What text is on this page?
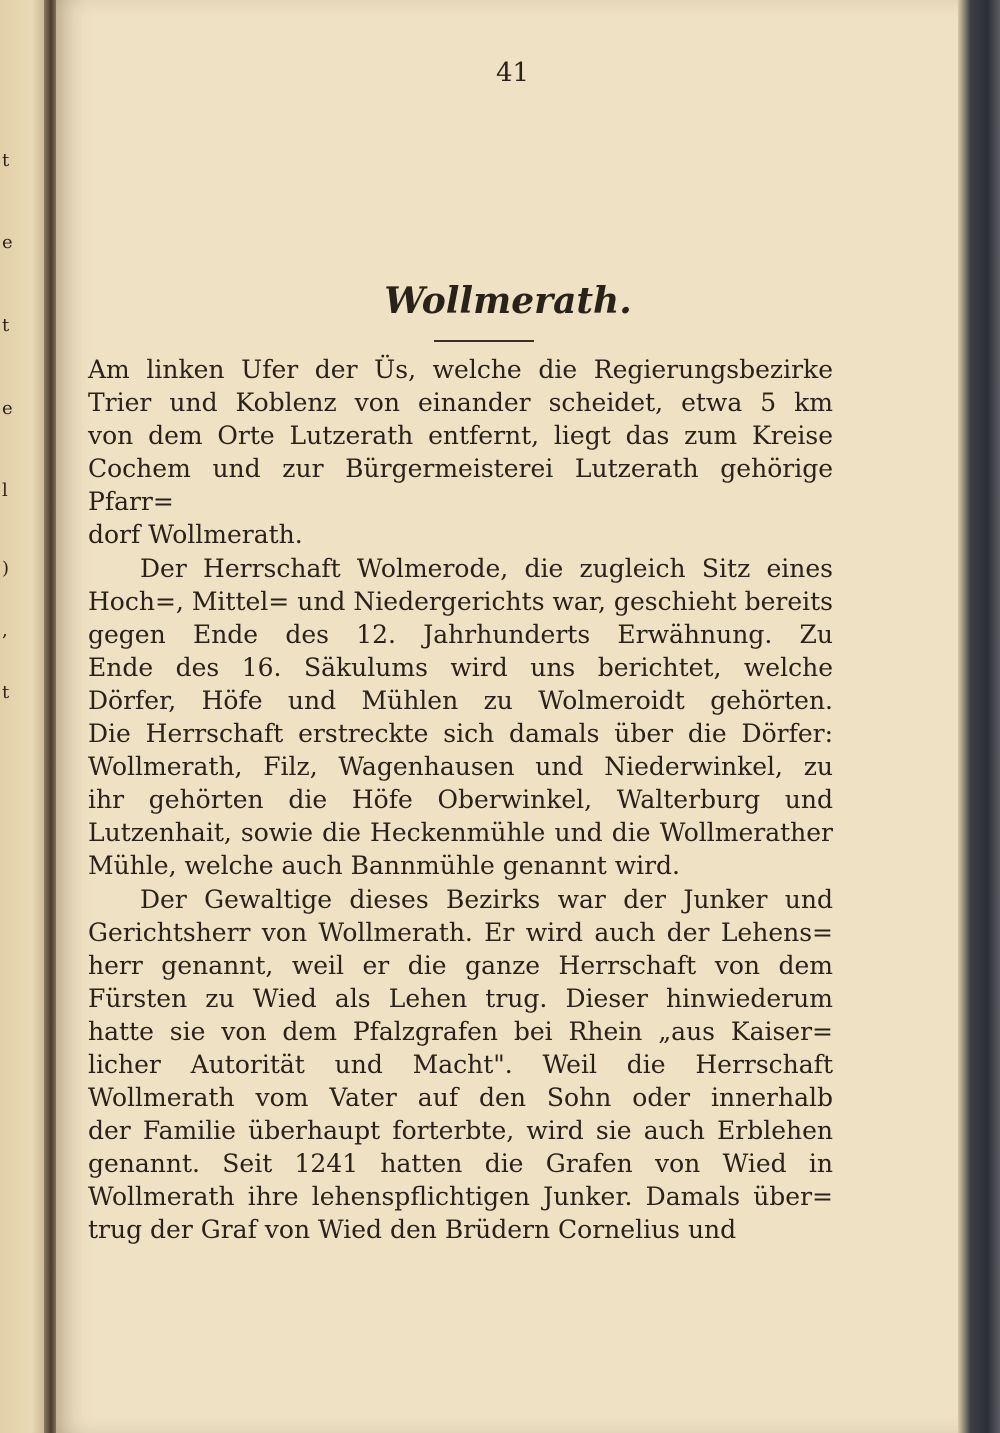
t
e
t
e
l
)
,
t
41
Wollmerath.
Am linken Ufer der Üs, welche die Regierungsbezirke
Trier und Koblenz von einander scheidet, etwa 5 km
von dem Orte Lutzerath entfernt, liegt das zum Kreise
Cochem und zur Bürgermeisterei Lutzerath gehörige Pfarr=
dorf Wollmerath.
Der Herrschaft Wolmerode, die zugleich Sitz eines
Hoch=, Mittel= und Niedergerichts war, geschieht bereits
gegen Ende des 12. Jahrhunderts Erwähnung. Zu
Ende des 16. Säkulums wird uns berichtet, welche
Dörfer, Höfe und Mühlen zu Wolmeroidt gehörten.
Die Herrschaft erstreckte sich damals über die Dörfer:
Wollmerath, Filz, Wagenhausen und Niederwinkel, zu
ihr gehörten die Höfe Oberwinkel, Walterburg und
Lutzenhait, sowie die Heckenmühle und die Wollmerather
Mühle, welche auch Bannmühle genannt wird.
Der Gewaltige dieses Bezirks war der Junker und
Gerichtsherr von Wollmerath. Er wird auch der Lehens=
herr genannt, weil er die ganze Herrschaft von dem
Fürsten zu Wied als Lehen trug. Dieser hinwiederum
hatte sie von dem Pfalzgrafen bei Rhein „aus Kaiser=
licher Autorität und Macht". Weil die Herrschaft
Wollmerath vom Vater auf den Sohn oder innerhalb
der Familie überhaupt forterbte, wird sie auch Erblehen
genannt. Seit 1241 hatten die Grafen von Wied in
Wollmerath ihre lehenspflichtigen Junker. Damals über=
trug der Graf von Wied den Brüdern Cornelius und
